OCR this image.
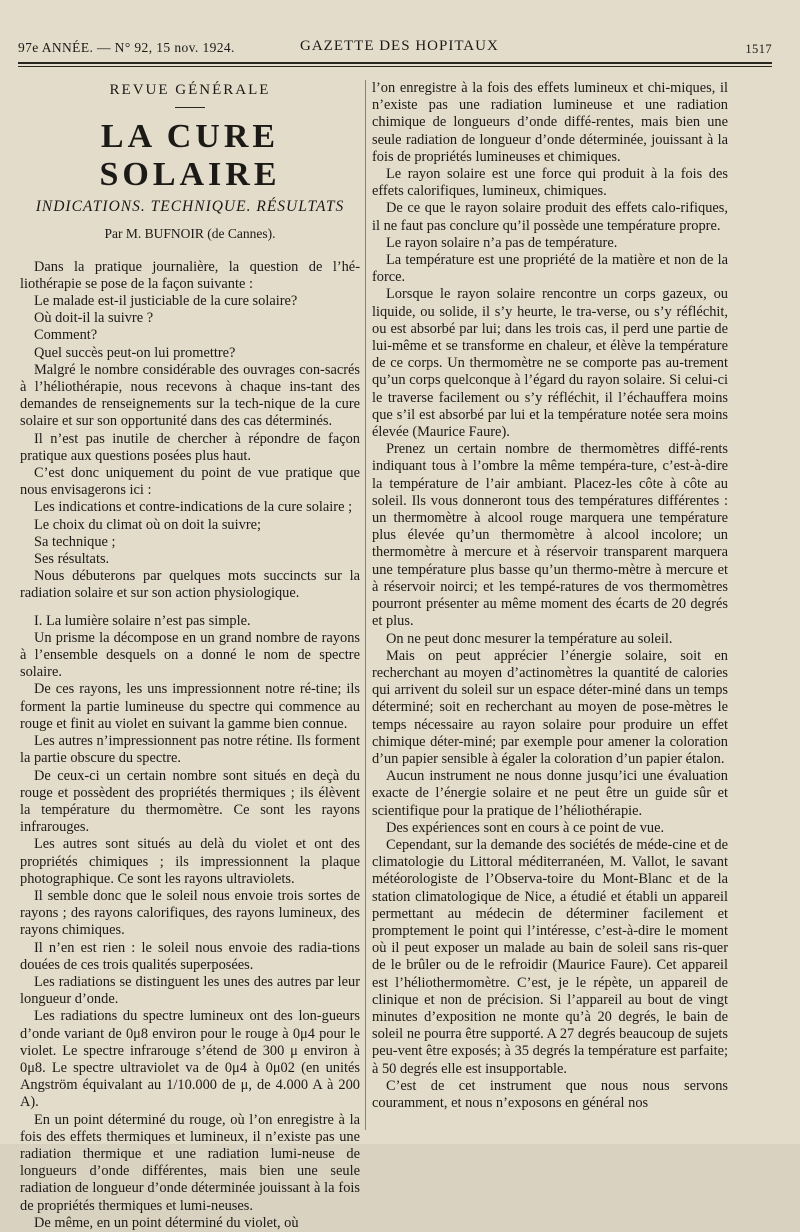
97e ANNÉE. — N° 92, 15 nov. 1924.	GAZETTE DES HOPITAUX	1517
REVUE GÉNÉRALE
LA CURE SOLAIRE
INDICATIONS. TECHNIQUE. RÉSULTATS
Par M. BUFNOIR (de Cannes).

Dans la pratique journalière, la question de l’hé-liothérapie se pose de la façon suivante :

Le malade est-il justiciable de la cure solaire?

Où doit-il la suivre ?

Comment?

Quel succès peut-on lui promettre?

Malgré le nombre considérable des ouvrages con-sacrés à l’héliothérapie, nous recevons à chaque ins-tant des demandes de renseignements sur la tech-nique de la cure solaire et sur son opportunité dans des cas déterminés.

Il n’est pas inutile de chercher à répondre de façon pratique aux questions posées plus haut.

C’est donc uniquement du point de vue pratique que nous envisagerons ici :

Les indications et contre-indications de la cure solaire ;

Le choix du climat où on doit la suivre;

Sa technique ;

Ses résultats.

Nous débuterons par quelques mots succincts sur la radiation solaire et sur son action physiologique.

I. La lumière solaire n’est pas simple.

Un prisme la décompose en un grand nombre de rayons à l’ensemble desquels on a donné le nom de spectre solaire.

De ces rayons, les uns impressionnent notre ré-tine; ils forment la partie lumineuse du spectre qui commence au rouge et finit au violet en suivant la gamme bien connue.

Les autres n’impressionnent pas notre rétine. Ils forment la partie obscure du spectre.

De ceux-ci un certain nombre sont situés en deçà du rouge et possèdent des propriétés thermiques ; ils élèvent la température du thermomètre. Ce sont les rayons infrarouges.

Les autres sont situés au delà du violet et ont des propriétés chimiques ; ils impressionnent la plaque photographique. Ce sont les rayons ultraviolets.

Il semble donc que le soleil nous envoie trois sortes de rayons ; des rayons calorifiques, des rayons lumineux, des rayons chimiques.

Il n’en est rien : le soleil nous envoie des radia-tions douées de ces trois qualités superposées.

Les radiations se distinguent les unes des autres par leur longueur d’onde.

Les radiations du spectre lumineux ont des lon-gueurs d’onde variant de 0μ8 environ pour le rouge à 0μ4 pour le violet. Le spectre infrarouge s’étend de 300 μ environ à 0μ8. Le spectre ultraviolet va de 0μ4 à 0μ02 (en unités Angström équivalant au 1/10.000 de μ, de 4.000 A à 200 A).

En un point déterminé du rouge, où l’on enregistre à la fois des effets thermiques et lumineux, il n’existe pas une radiation thermique et une radiation lumi-neuse de longueurs d’onde différentes, mais bien une seule radiation de longueur d’onde déterminée jouissant à la fois de propriétés thermiques et lumi-neuses.

De même, en un point déterminé du violet, où

l’on enregistre à la fois des effets lumineux et chi-miques, il n’existe pas une radiation lumineuse et une radiation chimique de longueurs d’onde diffé-rentes, mais bien une seule radiation de longueur d’onde déterminée, jouissant à la fois de propriétés lumineuses et chimiques.

Le rayon solaire est une force qui produit à la fois des effets calorifiques, lumineux, chimiques.

De ce que le rayon solaire produit des effets calo-rifiques, il ne faut pas conclure qu’il possède une température propre.

Le rayon solaire n’a pas de température.

La température est une propriété de la matière et non de la force.

Lorsque le rayon solaire rencontre un corps gazeux, ou liquide, ou solide, il s’y heurte, le tra-verse, ou s’y réfléchit, ou est absorbé par lui; dans les trois cas, il perd une partie de lui-même et se transforme en chaleur, et élève la température de ce corps. Un thermomètre ne se comporte pas au-trement qu’un corps quelconque à l’égard du rayon solaire. Si celui-ci le traverse facilement ou s’y réfléchit, il l’échauffera moins que s’il est absorbé par lui et la température notée sera moins élevée (Maurice Faure).

Prenez un certain nombre de thermomètres diffé-rents indiquant tous à l’ombre la même tempéra-ture, c’est-à-dire la température de l’air ambiant. Placez-les côte à côte au soleil. Ils vous donneront tous des températures différentes : un thermomètre à alcool rouge marquera une température plus élevée qu’un thermomètre à alcool incolore; un thermomètre à mercure et à réservoir transparent marquera une température plus basse qu’un thermo-mètre à mercure et à réservoir noirci; et les tempé-ratures de vos thermomètres pourront présenter au même moment des écarts de 20 degrés et plus.

On ne peut donc mesurer la température au soleil.

Mais on peut apprécier l’énergie solaire, soit en recherchant au moyen d’actinomètres la quantité de calories qui arrivent du soleil sur un espace déter-miné dans un temps déterminé; soit en recherchant au moyen de pose-mètres le temps nécessaire au rayon solaire pour produire un effet chimique déter-miné; par exemple pour amener la coloration d’un papier sensible à égaler la coloration d’un papier étalon.

Aucun instrument ne nous donne jusqu’ici une évaluation exacte de l’énergie solaire et ne peut être un guide sûr et scientifique pour la pratique de l’héliothérapie.

Des expériences sont en cours à ce point de vue.

Cependant, sur la demande des sociétés de méde-cine et de climatologie du Littoral méditerranéen, M. Vallot, le savant météorologiste de l’Observa-toire du Mont-Blanc et de la station climatologique de Nice, a étudié et établi un appareil permettant au médecin de déterminer facilement et promptement le point qui l’intéresse, c’est-à-dire le moment où il peut exposer un malade au bain de soleil sans ris-quer de le brûler ou de le refroidir (Maurice Faure). Cet appareil est l’héliothermomètre. C’est, je le répète, un appareil de clinique et non de précision. Si l’appareil au bout de vingt minutes d’exposition ne monte qu’à 20 degrés, le bain de soleil ne pourra être supporté. A 27 degrés beaucoup de sujets peu-vent être exposés; à 35 degrés la température est parfaite; à 50 degrés elle est insupportable.

C’est de cet instrument que nous nous servons couramment, et nous n’exposons en général nos
